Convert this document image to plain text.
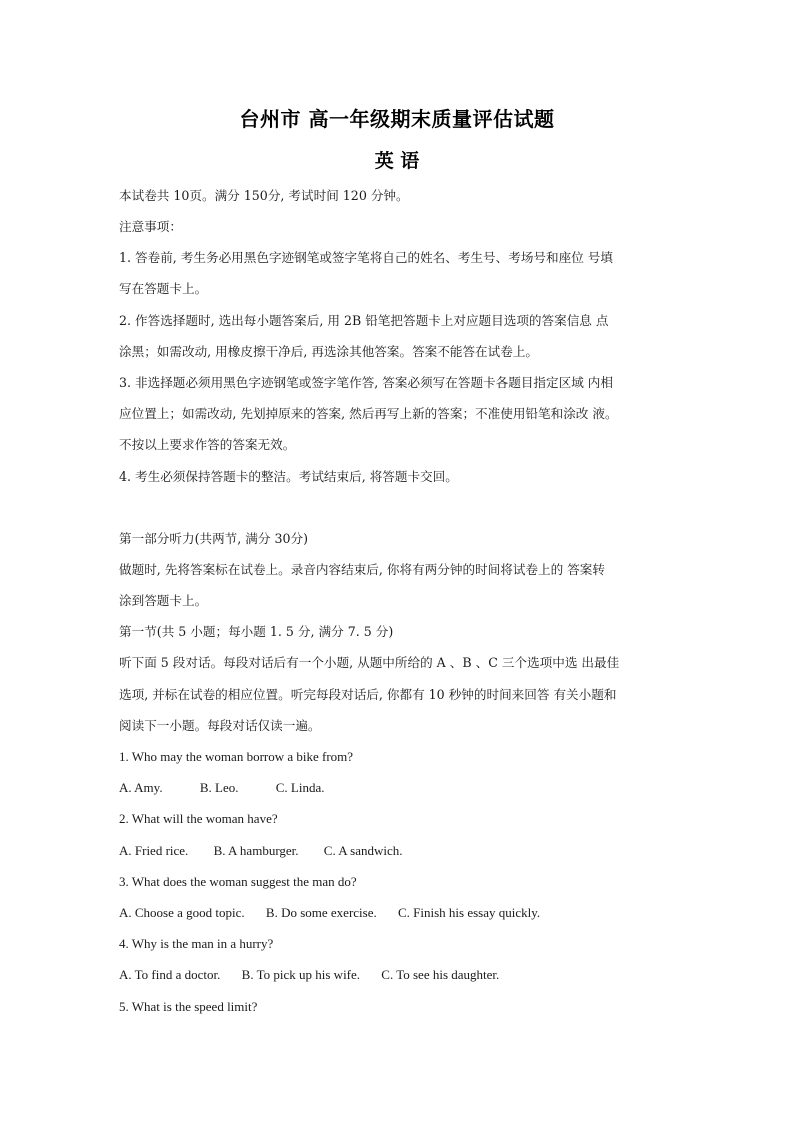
台州市 高一年级期末质量评估试题
英 语
本试卷共 10页。满分 150分, 考试时间 120 分钟。
注意事项：
1. 答卷前, 考生务必用黑色字迹钢笔或签字笔将自己的姓名、考生号、考场号和座位 号填
写在答题卡上。
2. 作答选择题时, 选出每小题答案后, 用 2B 铅笔把答题卡上对应题目选项的答案信息 点
涂黑；如需改动, 用橡皮擦干净后, 再选涂其他答案。答案不能答在试卷上。
3. 非选择题必须用黑色字迹钢笔或签字笔作答, 答案必须写在答题卡各题目指定区域 内相
应位置上；如需改动, 先划掉原来的答案, 然后再写上新的答案；不准使用铅笔和涂改 液。
不按以上要求作答的答案无效。
4. 考生必须保持答题卡的整洁。考试结束后, 将答题卡交回。
第一部分听力(共两节, 满分 30分)
做题时, 先将答案标在试卷上。录音内容结束后, 你将有两分钟的时间将试卷上的 答案转
涂到答题卡上。
第一节(共 5 小题；每小题 1. 5 分, 满分 7. 5 分)
听下面 5 段对话。每段对话后有一个小题, 从题中所给的 A 、B 、C 三个选项中选 出最佳
选项, 并标在试卷的相应位置。听完每段对话后, 你都有 10 秒钟的时间来回答 有关小题和
阅读下一小题。每段对话仅读一遍。
1. Who may the woman borrow a bike from?
A. Amy.	B. Leo.	C. Linda.
2. What will the woman have?
A. Fried rice. B. A hamburger. C. A sandwich.
3. What does the woman suggest the man do?
A. Choose a good topic. B. Do some exercise. C. Finish his essay quickly.
4. Why is the man in a hurry?
A. To find a doctor. B. To pick up his wife. C. To see his daughter.
5. What is the speed limit?
